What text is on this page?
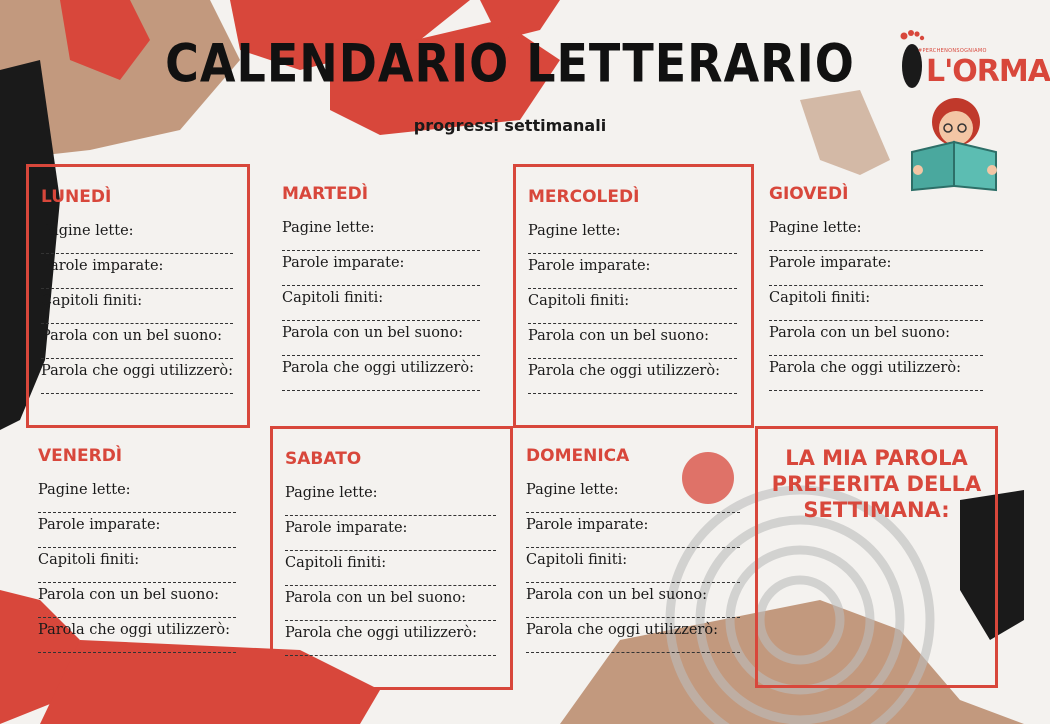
CALENDARIO LETTERARIO
progressi settimanali
#PERCHENONSOGNIAMO
L'ORMA
LUNEDÌ
Pagine lette:
Parole imparate:
Capitoli finiti:
Parola con un bel suono:
Parola che oggi utilizzerò:
MARTEDÌ
Pagine lette:
Parole imparate:
Capitoli finiti:
Parola con un bel suono:
Parola che oggi utilizzerò:
MERCOLEDÌ
Pagine lette:
Parole imparate:
Capitoli finiti:
Parola con un bel suono:
Parola che oggi utilizzerò:
GIOVEDÌ
Pagine lette:
Parole imparate:
Capitoli finiti:
Parola con un bel suono:
Parola che oggi utilizzerò:
VENERDÌ
Pagine lette:
Parole imparate:
Capitoli finiti:
Parola con un bel suono:
Parola che oggi utilizzerò:
SABATO
Pagine lette:
Parole imparate:
Capitoli finiti:
Parola con un bel suono:
Parola che oggi utilizzerò:
DOMENICA
Pagine lette:
Parole imparate:
Capitoli finiti:
Parola con un bel suono:
Parola che oggi utilizzerò:
LA MIA PAROLA PREFERITA DELLA SETTIMANA:
